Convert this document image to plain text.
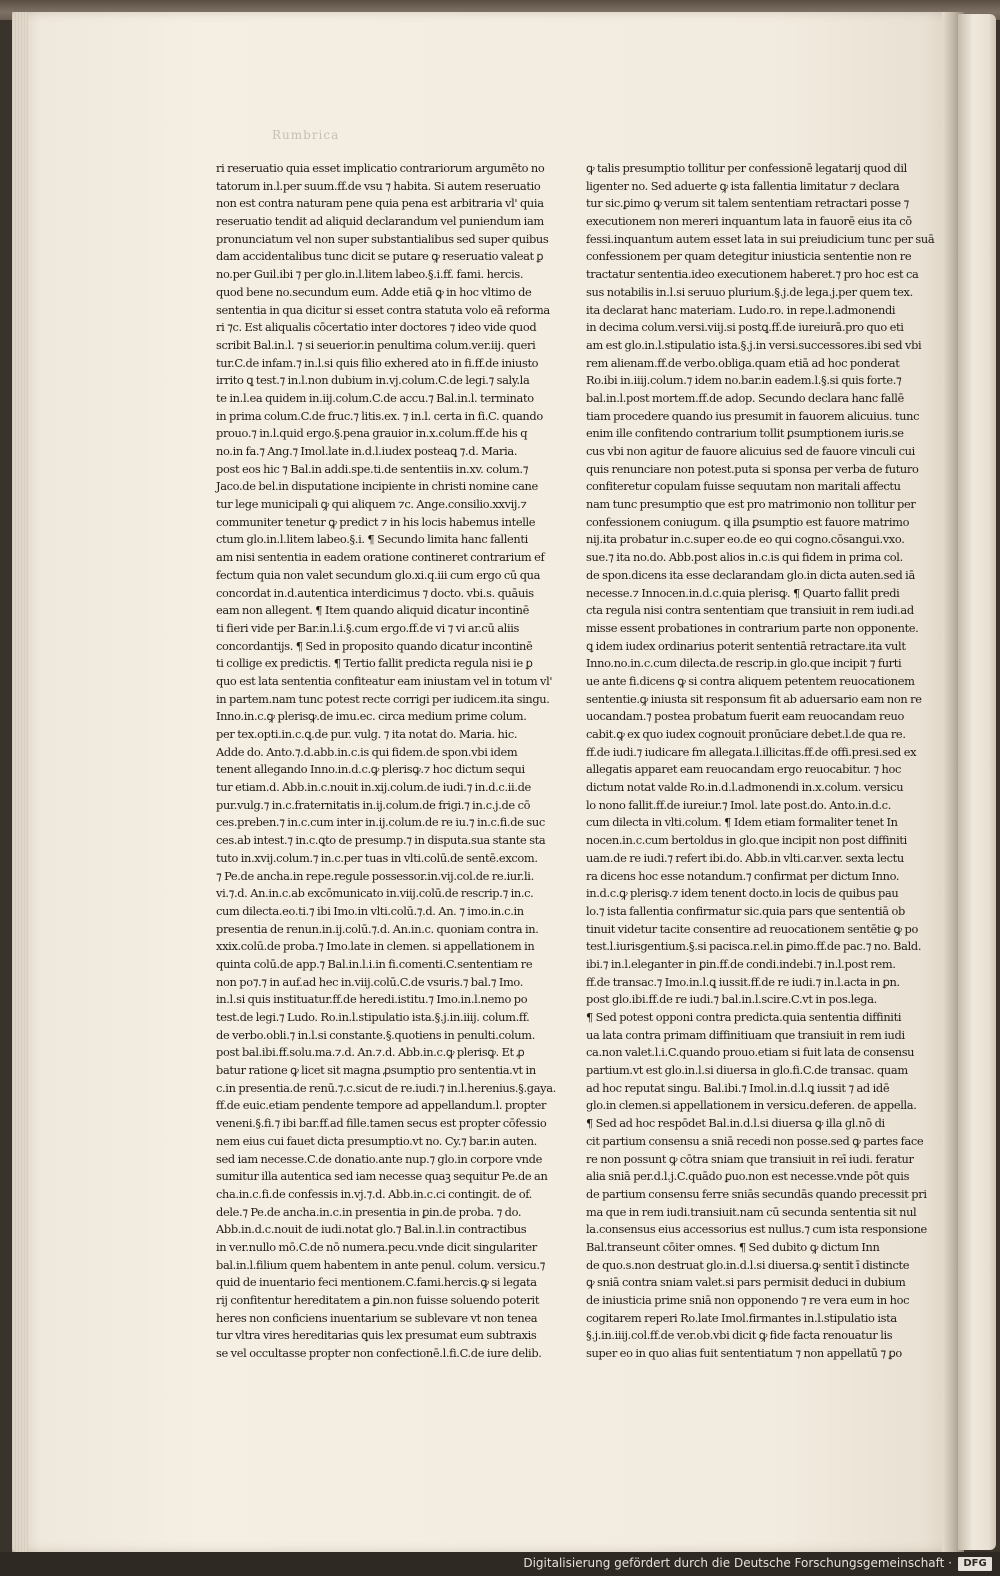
Rumbrica
ri reseruatio quia esset implicatio contrariorum argumēto no
tatorum in.l.per suum.ff.de vsu ⁊ habita. Si autem reseruatio
non est contra naturam pene quia pena est arbitraria vl' quia
reseruatio tendit ad aliquid declarandum vel puniendum iam
pronunciatum vel non super substantialibus sed super quibus
dam accidentalibus tunc dicit se putare ꝙ reseruatio valeat ꝑ
no.per Guil.ibi ⁊ per glo.in.l.litem labeo.§.i.ff. fami. hercis.
quod bene no.secundum eum. Adde etiā ꝙ in hoc vltimo de
sententia in qua dicitur si esset contra statuta volo eā reforma
ri ⁊c. Est aliqualis cōcertatio inter doctores ⁊ ideo vide quod
scribit Bal.in.l. ⁊ si seuerior.in penultima colum.ver.iij. queri
tur.C.de infam.⁊ in.l.si quis filio exhered ato in fi.ff.de iniusto
irrito ꝗ test.⁊ in.l.non dubium in.vj.colum.C.de legi.⁊ saly.la
te in.l.ea quidem in.iij.colum.C.de accu.⁊ Bal.in.l. terminato
in prima colum.C.de fruc.⁊ litis.ex. ⁊ in.l. certa in fi.C. quando
prouo.⁊ in.l.quid ergo.§.pena grauior in.x.colum.ff.de his q
no.in fa.⁊ Ang.⁊ Imol.late in.d.l.iudex posteaꝗ ⁊.d. Maria.
post eos hic ⁊ Bal.in addi.spe.ti.de sententiis in.xv. colum.⁊
Jaco.de bel.in disputatione incipiente in christi nomine cane
tur lege municipali ꝙ qui aliquem ⁊c. Ange.consilio.xxvij.⁊
communiter tenetur ꝙ predict ⁊ in his locis habemus intelle
ctum glo.in.l.litem labeo.§.i. ¶ Secundo limita hanc fallenti
am nisi sententia in eadem oratione contineret contrarium ef
fectum quia non valet secundum glo.xi.q.iii cum ergo cū qua
concordat in.d.autentica interdicimus ⁊ docto. vbi.s. quāuis
eam non allegent. ¶ Item quando aliquid dicatur incontinē
ti fieri vide per Bar.in.l.i.§.cum ergo.ff.de vi ⁊ vi ar.cū aliis
concordantijs. ¶ Sed in proposito quando dicatur incontinē
ti collige ex predictis. ¶ Tertio fallit predicta regula nisi ie ꝑ
quo est lata sententia confiteatur eam iniustam vel in totum vl'
in partem.nam tunc potest recte corrigi per iudicem.ita singu.
Inno.in.c.ꝙ plerisꝙ.de imu.ec. circa medium prime colum.
per tex.opti.in.c.ꝗ.de pur. vulg. ⁊ ita notat do. Maria. hic.
Adde do. Anto.⁊.d.abb.in.c.is qui fidem.de spon.vbi idem
tenent allegando Inno.in.d.c.ꝙ plerisꝙ.⁊ hoc dictum sequi
tur etiam.d. Abb.in.c.nouit in.xij.colum.de iudi.⁊ in.d.c.ii.de
pur.vulg.⁊ in.c.fraternitatis in.ij.colum.de frigi.⁊ in.c.j.de cō
ces.preben.⁊ in.c.cum inter in.ij.colum.de re iu.⁊ in.c.fi.de suc
ces.ab intest.⁊ in.c.ꝗto de presump.⁊ in disputa.sua stante sta
tuto in.xvij.colum.⁊ in.c.per tuas in vlti.colū.de sentē.excom.
⁊ Pe.de ancha.in repe.regule possessor.in.vij.col.de re.iur.li.
vi.⁊.d. An.in.c.ab excōmunicato in.viij.colū.de rescrip.⁊ in.c.
cum dilecta.eo.ti.⁊ ibi Imo.in vlti.colū.⁊.d. An. ⁊ imo.in.c.in
presentia de renun.in.ij.colū.⁊.d. An.in.c. quoniam contra in.
xxix.colū.de proba.⁊ Imo.late in clemen. si appellationem in
quinta colū.de app.⁊ Bal.in.l.i.in fi.comenti.C.sententiam re
non po⁊.⁊ in auf.ad hec in.viij.colū.C.de vsuris.⁊ bal.⁊ Imo.
in.l.si quis instituatur.ff.de heredi.istitu.⁊ Imo.in.l.nemo po
test.de legi.⁊ Ludo. Ro.in.l.stipulatio ista.§.j.in.iiij. colum.ff.
de verbo.obli.⁊ in.l.si constante.§.quotiens in penulti.colum.
post bal.ibi.ff.solu.ma.⁊.d. An.⁊.d. Abb.in.c.ꝙ plerisꝙ. Et ꝓ
batur ratione ꝙ licet sit magna ꝓsumptio pro sententia.vt in
c.in presentia.de renū.⁊.c.sicut de re.iudi.⁊ in.l.herenius.§.gaya.
ff.de euic.etiam pendente tempore ad appellandum.l. propter
veneni.§.fi.⁊ ibi bar.ff.ad fille.tamen secus est propter cōfessio
nem eius cui fauet dicta presumptio.vt no. Cy.⁊ bar.in auten.
sed iam necesse.C.de donatio.ante nup.⁊ glo.in corpore vnde
sumitur illa autentica sed iam necesse quaꝫ sequitur Pe.de an
cha.in.c.fi.de confessis in.vj.⁊.d. Abb.in.c.ci contingit. de of.
dele.⁊ Pe.de ancha.in.c.in presentia in ꝑin.de proba. ⁊ do.
Abb.in.d.c.nouit de iudi.notat glo.⁊ Bal.in.l.in contractibus
in ver.nullo mō.C.de nō numera.pecu.vnde dicit singulariter
bal.in.l.filium quem habentem in ante penul. colum. versicu.⁊
quid de inuentario feci mentionem.C.fami.hercis.ꝙ si legata
rij confitentur hereditatem a ꝑin.non fuisse soluendo poterit
heres non conficiens inuentarium se sublevare vt non tenea
tur vltra vires hereditarias ꝗuis lex presumat eum subtraxis
se vel occultasse propter non confectionē.l.fi.C.de iure delib.
ꝙ talis presumptio tollitur per confessionē legatarij quod dil
ligenter no. Sed aduerte ꝙ ista fallentia limitatur ⁊ declara
tur sic.ꝑimo ꝙ verum sit talem sententiam retractari posse ⁊
executionem non mereri inquantum lata in fauorē eius ita cō
fessi.inquantum autem esset lata in sui preiudicium tunc per suā
confessionem per quam detegitur iniusticia sententie non re
tractatur sententia.ideo executionem haberet.⁊ pro hoc est ca
sus notabilis in.l.si seruuo plurium.§.j.de lega.j.per quem tex.
ita declarat hanc materiam. Ludo.ro. in repe.l.admonendi
in decima colum.versi.viij.si postꝗ.ff.de iureiurā.pro quo eti
am est glo.in.l.stipulatio ista.§.j.in versi.successores.ibi sed vbi
rem alienam.ff.de verbo.obliga.quam etiā ad hoc ponderat
Ro.ibi in.iiij.colum.⁊ idem no.bar.in eadem.l.§.si quis forte.⁊
bal.in.l.post mortem.ff.de adop. Secundo declara hanc fallē
tiam procedere quando ius presumit in fauorem alicuius. tunc
enim ille confitendo contrarium tollit ꝑsumptionem iuris.se
cus vbi non agitur de fauore alicuius sed de fauore vinculi cui
quis renunciare non potest.puta si sponsa per verba de futuro
confiteretur copulam fuisse sequutam non maritali affectu
nam tunc presumptio que est pro matrimonio non tollitur per
confessionem coniugum. ꝗ illa ꝑsumptio est fauore matrimo
nij.ita probatur in.c.super eo.de eo qui cogno.cōsangui.vxo.
sue.⁊ ita no.do. Abb.post alios in.c.is qui fidem in prima col.
de spon.dicens ita esse declarandam glo.in dicta auten.sed iā
necesse.⁊ Innocen.in.d.c.quia plerisꝙ. ¶ Quarto fallit predi
cta regula nisi contra sententiam que transiuit in rem iudi.ad
misse essent probationes in contrarium parte non opponente.
ꝗ idem iudex ordinarius poterit sententiā retractare.ita vult
Inno.no.in.c.cum dilecta.de rescrip.in glo.que incipit ⁊ furti
ue ante fi.dicens ꝙ si contra aliquem petentem reuocationem
sententie.ꝙ iniusta sit responsum fit ab aduersario eam non re
uocandam.⁊ postea probatum fuerit eam reuocandam reuo
cabit.ꝙ ex quo iudex cognouit pronūciare debet.l.de qua re.
ff.de iudi.⁊ iudicare fm allegata.l.illicitas.ff.de offi.presi.sed ex
allegatis apparet eam reuocandam ergo reuocabitur. ⁊ hoc
dictum notat valde Ro.in.d.l.admonendi in.x.colum. versicu
lo nono fallit.ff.de iureiur.⁊ Imol. late post.do. Anto.in.d.c.
cum dilecta in vlti.colum. ¶ Idem etiam formaliter tenet In
nocen.in.c.cum bertoldus in glo.que incipit non post diffiniti
uam.de re iudi.⁊ refert ibi.do. Abb.in vlti.car.ver. sexta lectu
ra dicens hoc esse notandum.⁊ confirmat per dictum Inno.
in.d.c.ꝙ plerisꝙ.⁊ idem tenent docto.in locis de quibus pau
lo.⁊ ista fallentia confirmatur sic.quia pars que sententiā ob
tinuit videtur tacite consentire ad reuocationem sentētie ꝙ po
test.l.iurisgentium.§.si pacisca.r.el.in ꝑimo.ff.de pac.⁊ no. Bald.
ibi.⁊ in.l.eleganter in ꝑin.ff.de condi.indebi.⁊ in.l.post rem.
ff.de transac.⁊ Imo.in.l.ꝗ iussit.ff.de re iudi.⁊ in.l.acta in ꝑn.
post glo.ibi.ff.de re iudi.⁊ bal.in.l.scire.C.vt in pos.lega.
¶ Sed potest opponi contra predicta.quia sententia diffiniti
ua lata contra primam diffinitiuam que transiuit in rem iudi
ca.non valet.l.i.C.quando prouo.etiam si fuit lata de consensu
partium.vt est glo.in.l.si diuersa in glo.fi.C.de transac. quam
ad hoc reputat singu. Bal.ibi.⁊ Imol.in.d.l.ꝗ iussit ⁊ ad idē
glo.in clemen.si appellationem in versicu.deferen. de appella.
¶ Sed ad hoc respōdet Bal.in.d.l.si diuersa ꝙ illa gl.nō di
cit partium consensu a sniā recedi non posse.sed ꝙ partes face
re non possunt ꝙ cōtra sniam que transiuit in reī iudi. feratur
alia sniā per.d.l.j.C.quādo ꝑuo.non est necesse.vnde pōt quis
de partium consensu ferre sniās secundās quando precessit pri
ma que in rem iudi.transiuit.nam cū secunda sententia sit nul
la.consensus eius accessorius est nullus.⁊ cum ista responsione
Bal.transeunt cōiter omnes. ¶ Sed dubito ꝙ dictum Inn
de quo.s.non destruat glo.in.d.l.si diuersa.ꝙ sentit ī distincte
ꝙ sniā contra sniam valet.si pars permisit deduci in dubium
de iniusticia prime sniā non opponendo ⁊ re vera eum in hoc
cogitarem reperi Ro.late Imol.firmantes in.l.stipulatio ista
§.j.in.iiij.col.ff.de ver.ob.vbi dicit ꝙ fide facta renouatur lis
super eo in quo alias fuit sententiatum ⁊ non appellatū ⁊ ꝑo
Digitalisierung gefördert durch die Deutsche Forschungsgemeinschaft ·	DFG
